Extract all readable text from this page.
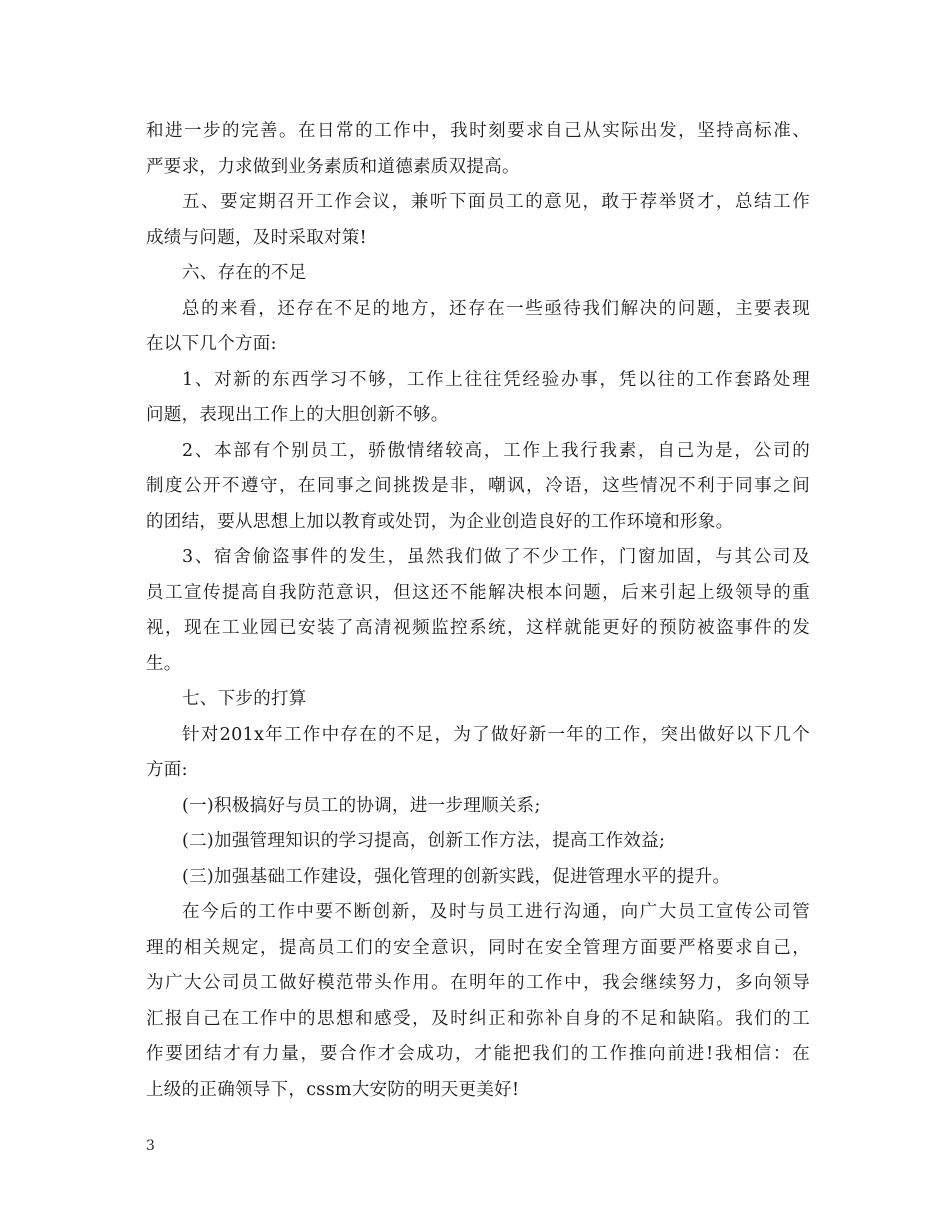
和进一步的完善。在日常的工作中，我时刻要求自己从实际出发，坚持高标准、
严要求，力求做到业务素质和道德素质双提高。
五、要定期召开工作会议，兼听下面员工的意见，敢于荐举贤才，总结工作
成绩与问题，及时采取对策!
六、存在的不足
总的来看，还存在不足的地方，还存在一些亟待我们解决的问题，主要表现
在以下几个方面:
1、对新的东西学习不够，工作上往往凭经验办事，凭以往的工作套路处理
问题，表现出工作上的大胆创新不够。
2、本部有个别员工，骄傲情绪较高，工作上我行我素，自己为是，公司的
制度公开不遵守，在同事之间挑拨是非，嘲讽，冷语，这些情况不利于同事之间
的团结，要从思想上加以教育或处罚，为企业创造良好的工作环境和形象。
3、宿舍偷盗事件的发生，虽然我们做了不少工作，门窗加固，与其公司及
员工宣传提高自我防范意识，但这还不能解决根本问题，后来引起上级领导的重
视，现在工业园已安装了高清视频监控系统，这样就能更好的预防被盗事件的发
生。
七、下步的打算
针对201x年工作中存在的不足，为了做好新一年的工作，突出做好以下几个
方面:
(一)积极搞好与员工的协调，进一步理顺关系;
(二)加强管理知识的学习提高，创新工作方法，提高工作效益;
(三)加强基础工作建设，强化管理的创新实践，促进管理水平的提升。
在今后的工作中要不断创新，及时与员工进行沟通，向广大员工宣传公司管
理的相关规定，提高员工们的安全意识，同时在安全管理方面要严格要求自己，
为广大公司员工做好模范带头作用。在明年的工作中，我会继续努力，多向领导
汇报自己在工作中的思想和感受，及时纠正和弥补自身的不足和缺陷。我们的工
作要团结才有力量，要合作才会成功，才能把我们的工作推向前进!我相信：在
上级的正确领导下，cssm大安防的明天更美好!
3
